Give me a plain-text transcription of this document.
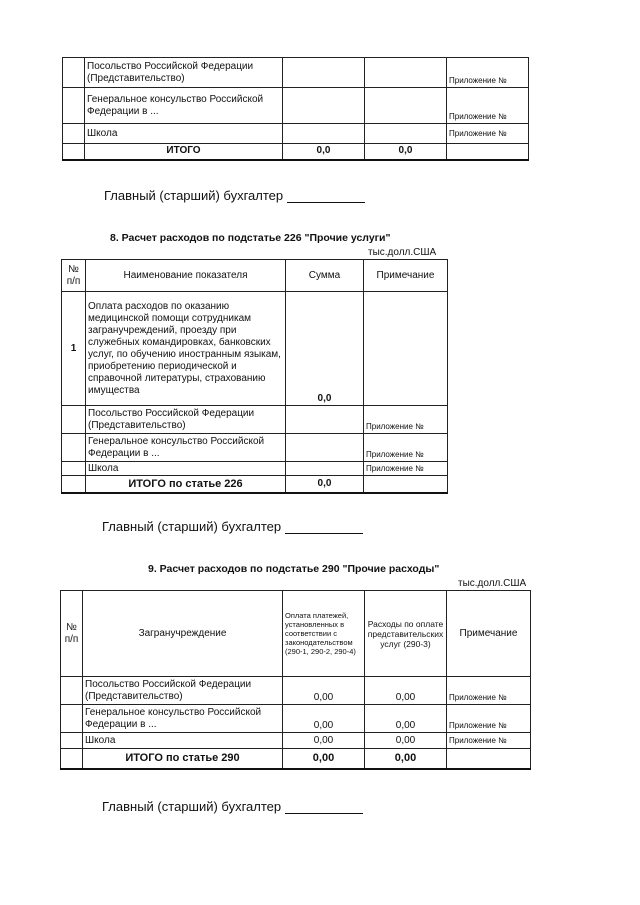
	Посольство Российской Федерации (Представительство)			Приложение №
	Генеральное консульство Российской Федерации в ...			Приложение №
	Школа			Приложение №
	ИТОГО	0,0	0,0	
Главный (старший) бухгалтер
8. Расчет расходов по подстатье 226 "Прочие услуги"
тыс.долл.США
№ п/п	Наименование показателя	Сумма	Примечание
1	Оплата расходов по оказанию медицинской помощи сотрудникам загранучреждений, проезду при служебных командировках, банковских услуг, по обучению иностранным языкам, приобретению периодической и справочной литературы, страхованию имущества	0,0	
	Посольство Российской Федерации (Представительство)		Приложение №
	Генеральное консульство Российской Федерации в ...		Приложение №
	Школа		Приложение №
	ИТОГО по статье 226	0,0	
Главный (старший) бухгалтер
9. Расчет расходов по подстатье 290 "Прочие расходы"
тыс.долл.США
№ п/п	Загранучреждение	Оплата платежей, установленных в соответствии с законодательством (290-1, 290-2, 290-4)	Расходы по оплате представительских услуг (290-3)	Примечание
	Посольство Российской Федерации (Представительство)	0,00	0,00	Приложение №
	Генеральное консульство Российской Федерации в ...	0,00	0,00	Приложение №
	Школа	0,00	0,00	Приложение №
	ИТОГО по статье 290	0,00	0,00	
Главный (старший) бухгалтер
